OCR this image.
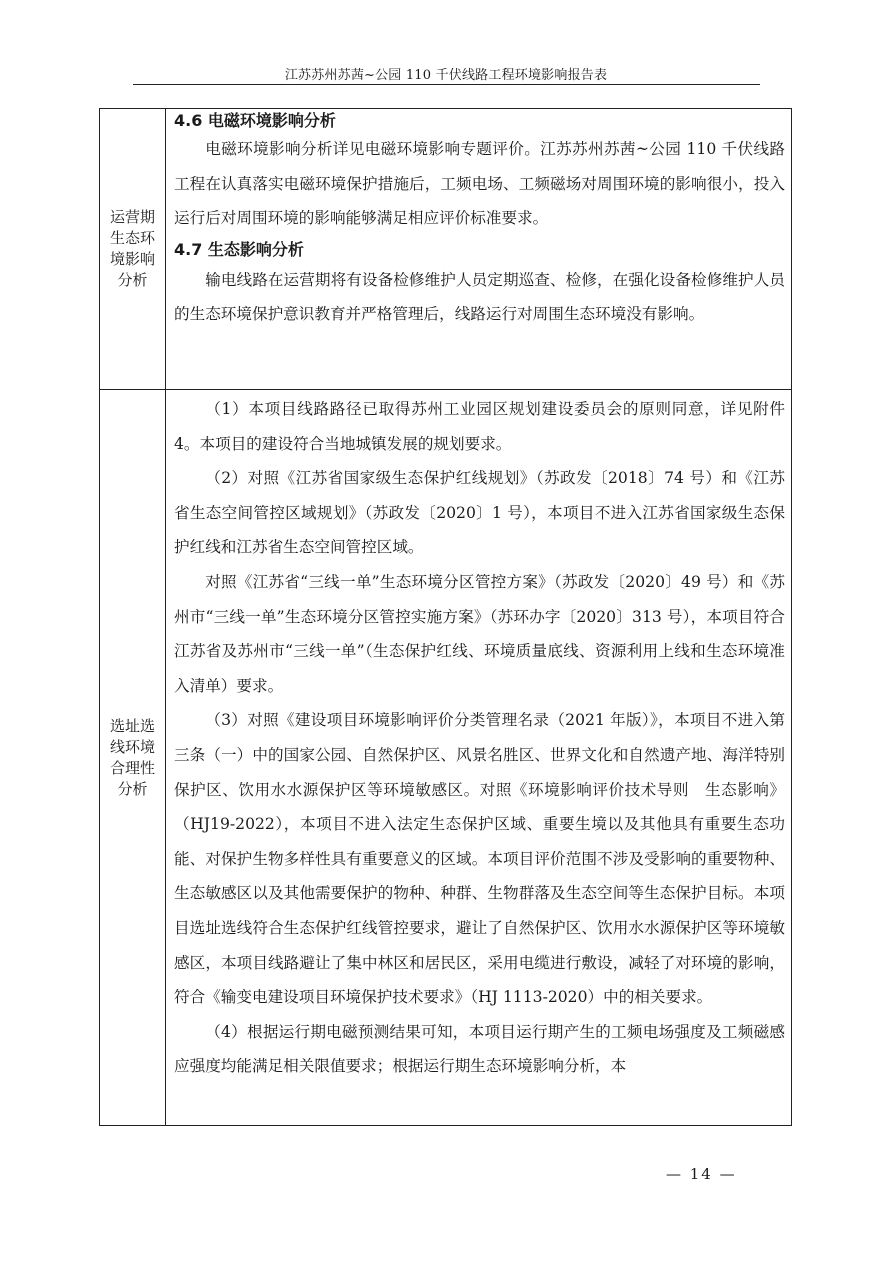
江苏苏州苏茜~公园 110 千伏线路工程环境影响报告表
运营期生态环境影响分析
4.6 电磁环境影响分析

电磁环境影响分析详见电磁环境影响专题评价。江苏苏州苏茜~公园 110 千伏线路工程在认真落实电磁环境保护措施后，工频电场、工频磁场对周围环境的影响很小，投入运行后对周围环境的影响能够满足相应评价标准要求。

4.7 生态影响分析

输电线路在运营期将有设备检修维护人员定期巡查、检修，在强化设备检修维护人员的生态环境保护意识教育并严格管理后，线路运行对周围生态环境没有影响。

选址选线环境合理性分析

（1）本项目线路路径已取得苏州工业园区规划建设委员会的原则同意，详见附件 4。本项目的建设符合当地城镇发展的规划要求。

（2）对照《江苏省国家级生态保护红线规划》（苏政发〔2018〕74 号）和《江苏省生态空间管控区域规划》（苏政发〔2020〕1 号），本项目不进入江苏省国家级生态保护红线和江苏省生态空间管控区域。

对照《江苏省“三线一单”生态环境分区管控方案》（苏政发〔2020〕49 号）和《苏州市“三线一单”生态环境分区管控实施方案》（苏环办字〔2020〕313 号），本项目符合江苏省及苏州市“三线一单”（生态保护红线、环境质量底线、资源利用上线和生态环境准入清单）要求。

（3）对照《建设项目环境影响评价分类管理名录（2021 年版）》，本项目不进入第三条（一）中的国家公园、自然保护区、风景名胜区、世界文化和自然遗产地、海洋特别保护区、饮用水水源保护区等环境敏感区。对照《环境影响评价技术导则　生态影响》（HJ19-2022），本项目不进入法定生态保护区域、重要生境以及其他具有重要生态功能、对保护生物多样性具有重要意义的区域。本项目评价范围不涉及受影响的重要物种、生态敏感区以及其他需要保护的物种、种群、生物群落及生态空间等生态保护目标。本项目选址选线符合生态保护红线管控要求，避让了自然保护区、饮用水水源保护区等环境敏感区，本项目线路避让了集中林区和居民区，采用电缆进行敷设，减轻了对环境的影响，符合《输变电建设项目环境保护技术要求》（HJ 1113-2020）中的相关要求。

（4）根据运行期电磁预测结果可知，本项目运行期产生的工频电场强度及工频磁感应强度均能满足相关限值要求；根据运行期生态环境影响分析，本

— 14 —
